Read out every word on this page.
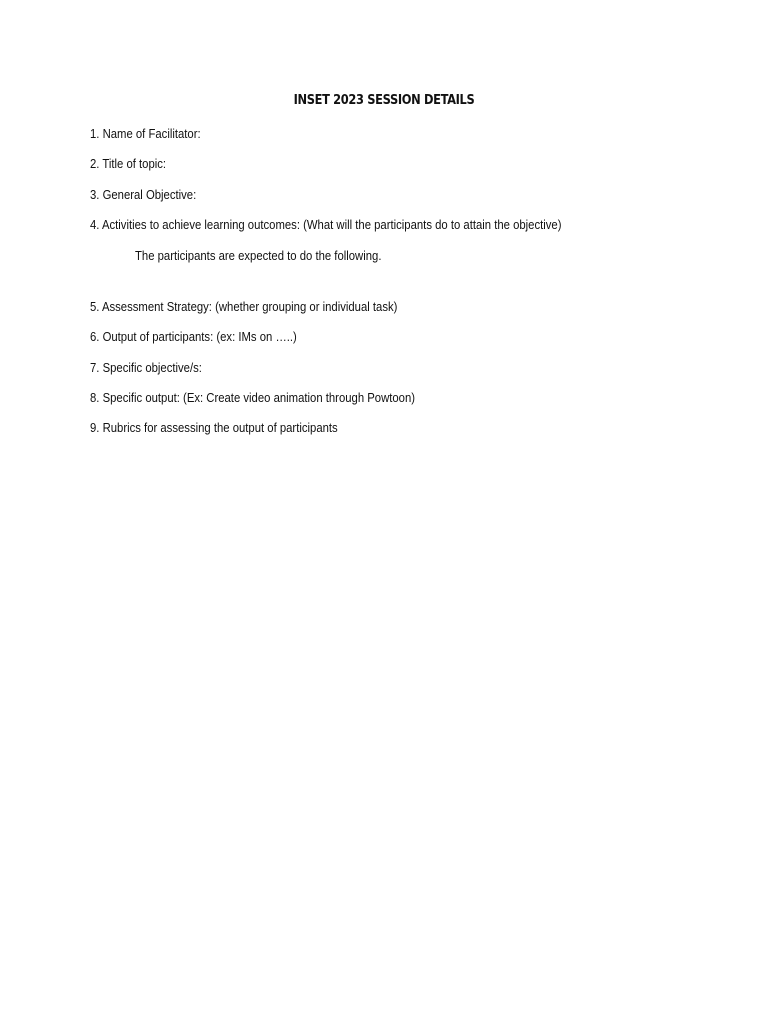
INSET 2023 SESSION DETAILS
1. Name of Facilitator:
2. Title of topic:
3. General Objective:
4. Activities to achieve learning outcomes: (What will the participants do to attain the objective)
The participants are expected to do the following.
5. Assessment Strategy: (whether grouping or individual task)
6. Output of participants: (ex: IMs on …..)
7. Specific objective/s:
8. Specific output: (Ex: Create video animation through Powtoon)
9. Rubrics for assessing the output of participants
